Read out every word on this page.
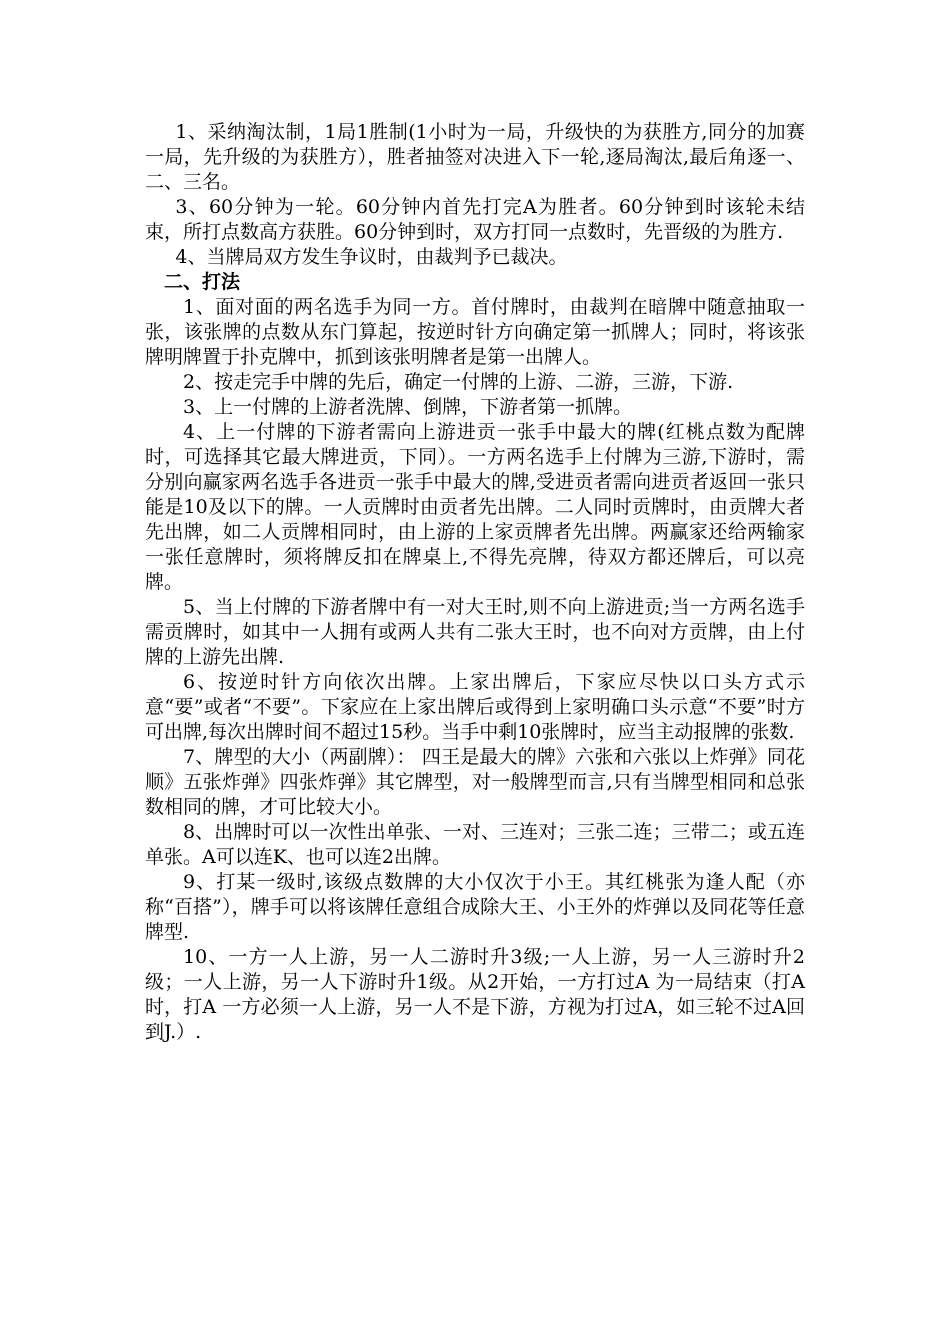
1、采纳淘汰制，1局1胜制(1小时为一局，升级快的为获胜方,同分的加赛一局，先升级的为获胜方），胜者抽签对决进入下一轮,逐局淘汰,最后角逐一、二、三名。

3、60分钟为一轮。60分钟内首先打完A为胜者。60分钟到时该轮未结束，所打点数高方获胜。60分钟到时，双方打同一点数时，先晋级的为胜方.

4、当牌局双方发生争议时，由裁判予已裁决。

二、打法

1、面对面的两名选手为同一方。首付牌时，由裁判在暗牌中随意抽取一张，该张牌的点数从东门算起，按逆时针方向确定第一抓牌人；同时，将该张牌明牌置于扑克牌中，抓到该张明牌者是第一出牌人。

2、按走完手中牌的先后，确定一付牌的上游、二游，三游，下游.

3、上一付牌的上游者洗牌、倒牌，下游者第一抓牌。

4、上一付牌的下游者需向上游进贡一张手中最大的牌(红桃点数为配牌时，可选择其它最大牌进贡，下同）。一方两名选手上付牌为三游,下游时，需分别向赢家两名选手各进贡一张手中最大的牌,受进贡者需向进贡者返回一张只能是10及以下的牌。一人贡牌时由贡者先出牌。二人同时贡牌时，由贡牌大者先出牌，如二人贡牌相同时，由上游的上家贡牌者先出牌。两赢家还给两输家一张任意牌时，须将牌反扣在牌桌上,不得先亮牌，待双方都还牌后，可以亮牌。

5、当上付牌的下游者牌中有一对大王时,则不向上游进贡;当一方两名选手需贡牌时，如其中一人拥有或两人共有二张大王时，也不向对方贡牌，由上付牌的上游先出牌.

6、按逆时针方向依次出牌。上家出牌后，下家应尽快以口头方式示意“要”或者“不要”。下家应在上家出牌后或得到上家明确口头示意“不要”时方可出牌,每次出牌时间不超过15秒。当手中剩10张牌时，应当主动报牌的张数.

7、牌型的大小（两副牌）： 四王是最大的牌》六张和六张以上炸弹》同花顺》五张炸弹》四张炸弹》其它牌型，对一般牌型而言,只有当牌型相同和总张数相同的牌，才可比较大小。

8、出牌时可以一次性出单张、一对、三连对；三张二连；三带二；或五连单张。A可以连K、也可以连2出牌。

9、打某一级时,该级点数牌的大小仅次于小王。其红桃张为逢人配（亦称“百搭”），牌手可以将该牌任意组合成除大王、小王外的炸弹以及同花等任意牌型.

10、一方一人上游，另一人二游时升3级;一人上游，另一人三游时升2级；一人上游，另一人下游时升1级。从2开始，一方打过A 为一局结束（打A时，打A 一方必须一人上游，另一人不是下游，方视为打过A，如三轮不过A回到J.）.
